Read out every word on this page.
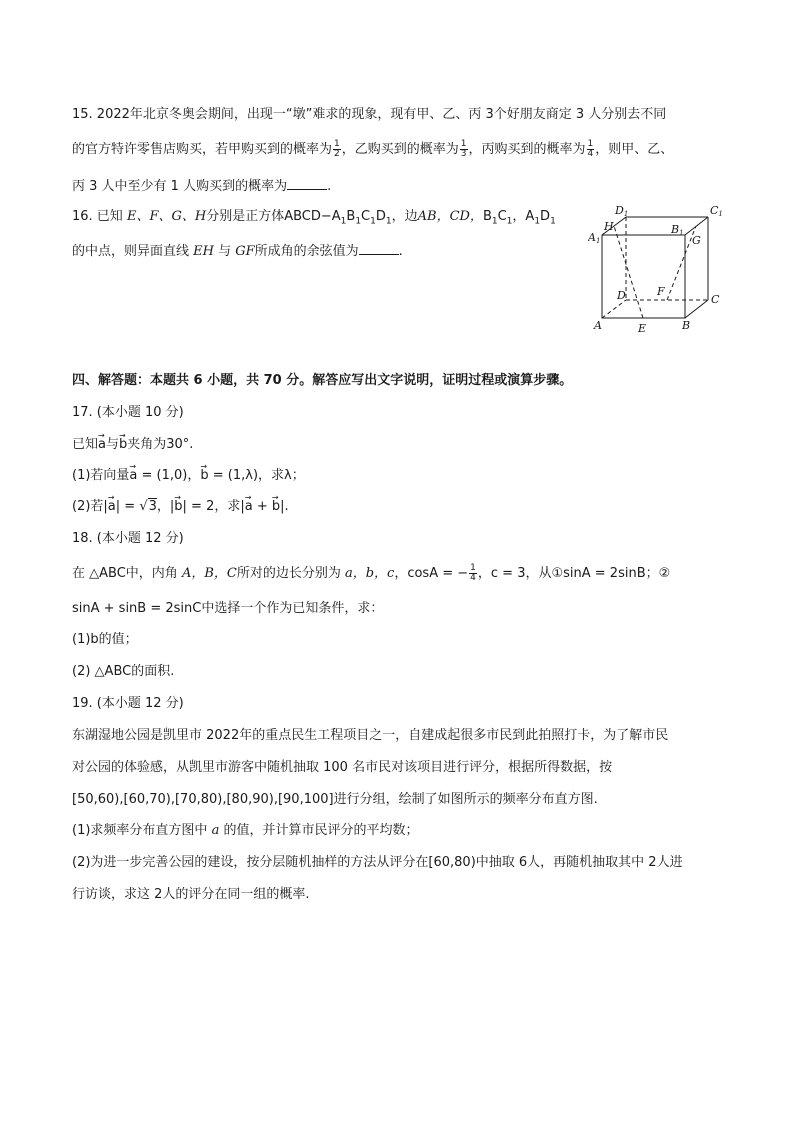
15. 2022年北京冬奥会期间，出现一“墩”难求的现象，现有甲、乙、丙 3个好朋友商定 3 人分别去不同
的官方特许零售店购买，若甲购买到的概率为 $\frac{1}{2}$ ，乙购买到的概率为 $\frac{1}{3}$ ，丙购买到的概率为 $\frac{1}{4}$ ，则甲、乙、
丙 3 人中至少有 1 人购买到的概率为	.
16. 已知 E、F、G、H分别是正方体$ABCD-A_1B_1C_1D_1$，边AB，CD，$B_1C_1$，$A_1D_1$
的中点，则异面直线 EH 与 GF所成角的余弦值为	.
D1	C1
H
A1
B1
G
D	F
C
A	E	B
四、解答题：本题共 6 小题，共 70 分。解答应写出文字说明，证明过程或演算步骤。
17. (本小题 10 分)
已知→ a与→ b夹角为30°.
(1)若向量→ a = (1,0)，→ b = (1,λ)，求λ；
(2)若|→ a| = √3，|→ b| = 2，求|→ a + → b|.
18. (本小题 12 分)
在 △ABC中，内角 A，B，C所对的边长分别为 a，b，c，cosA = − $\frac{1}{4}$ ，c = 3，从①sinA = 2sinB；②
sinA + sinB = 2sinC中选择一个作为已知条件，求：
(1)b的值；
(2) △ABC的面积.
19. (本小题 12 分)
东湖湿地公园是凯里市 2022年的重点民生工程项目之一，自建成起很多市民到此拍照打卡，为了解市民
对公园的体验感，从凯里市游客中随机抽取 100 名市民对该项目进行评分，根据所得数据，按
[50,60),[60,70),[70,80),[80,90),[90,100]进行分组，绘制了如图所示的频率分布直方图.
(1)求频率分布直方图中 a 的值，并计算市民评分的平均数；
(2)为进一步完善公园的建设，按分层随机抽样的方法从评分在[60,80)中抽取 6人，再随机抽取其中 2人进
行访谈，求这 2人的评分在同一组的概率.
